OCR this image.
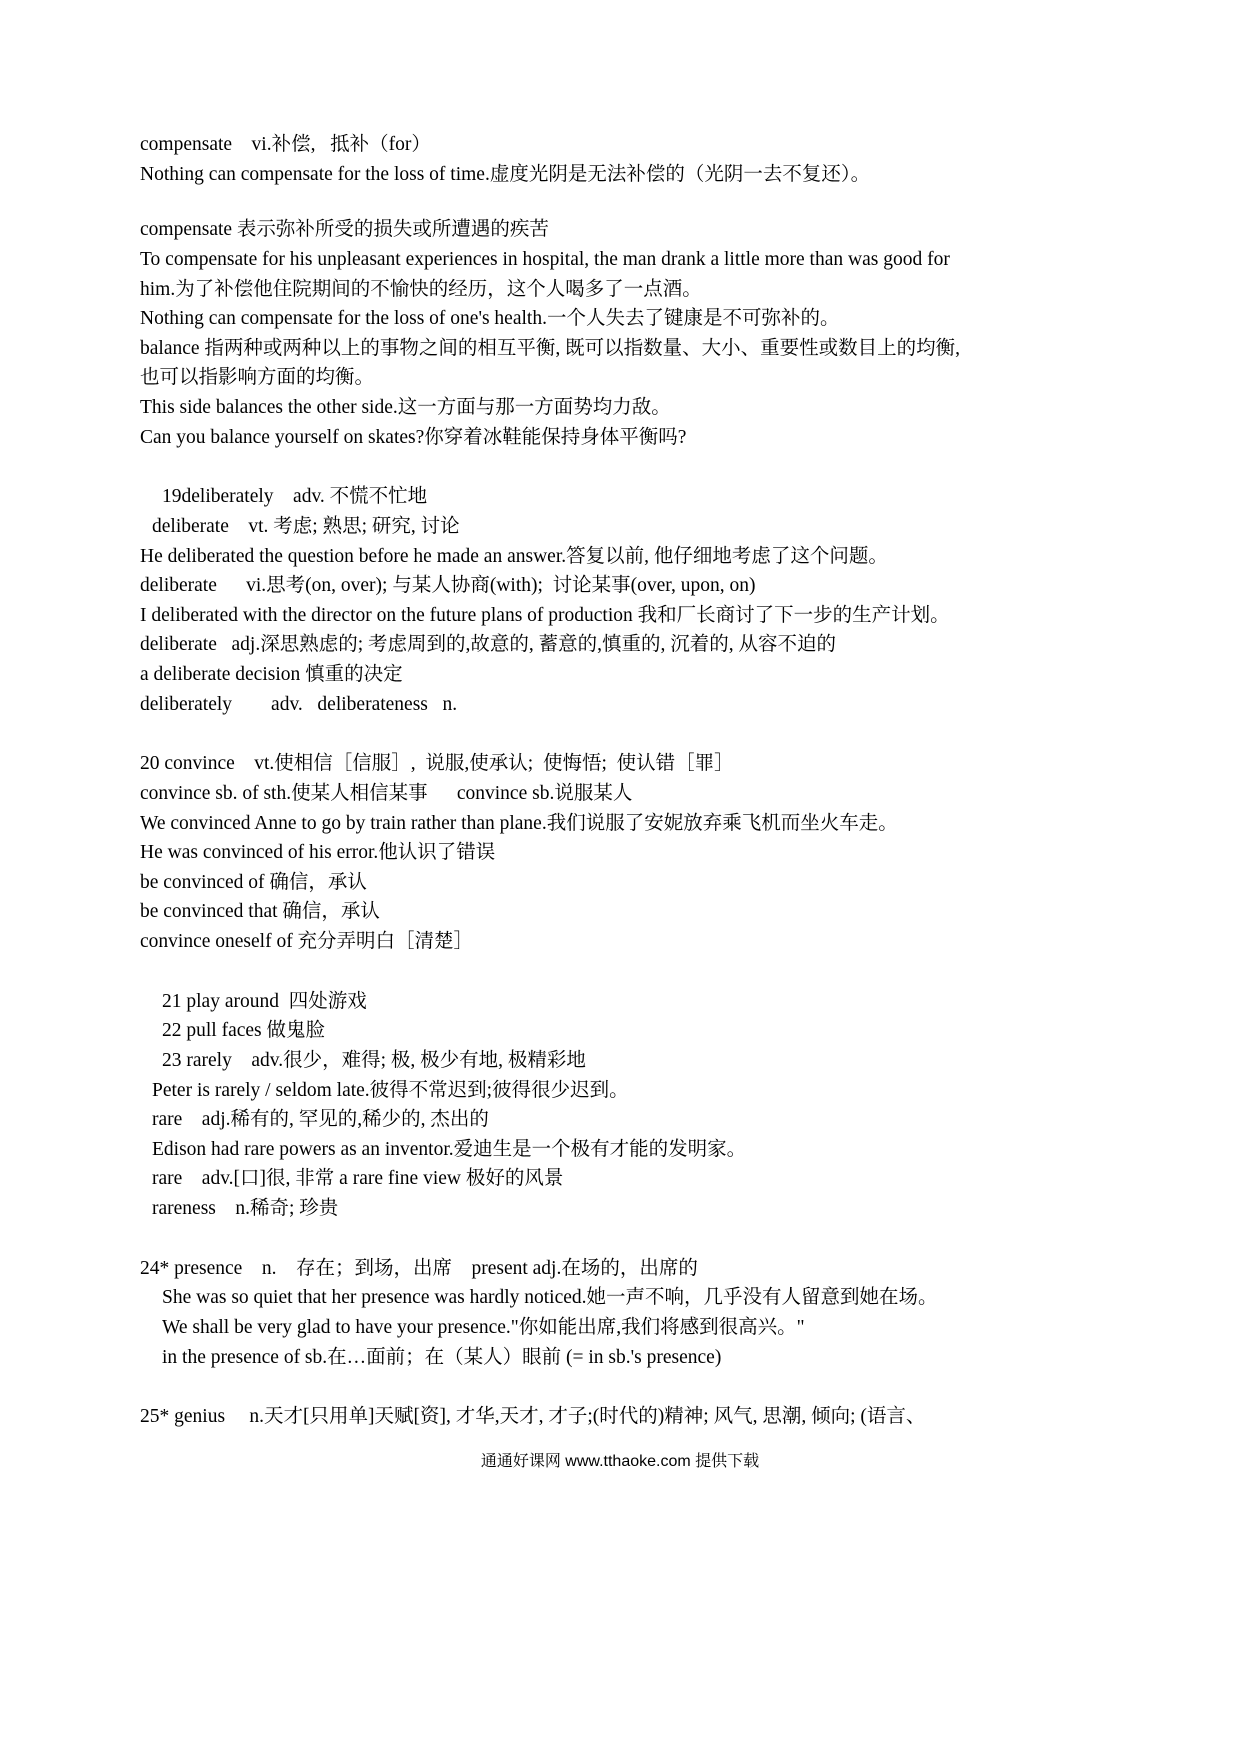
compensate    vi.补偿,   抵补（for）

Nothing can compensate for the loss of time.虚度光阴是无法补偿的（光阴一去不复还）。

compensate 表示弥补所受的损失或所遭遇的疾苦

To compensate for his unpleasant experiences in hospital, the man drank a little more than was good for

him.为了补偿他住院期间的不愉快的经历，这个人喝多了一点酒。

Nothing can compensate for the loss of one's health.一个人失去了键康是不可弥补的。

balance 指两种或两种以上的事物之间的相互平衡, 既可以指数量、大小、重要性或数目上的均衡,

也可以指影响方面的均衡。

This side balances the other side.这一方面与那一方面势均力敌。

Can you balance yourself on skates?你穿着冰鞋能保持身体平衡吗?

19deliberately    adv. 不慌不忙地

deliberate    vt. 考虑; 熟思; 研究, 讨论

He deliberated the question before he made an answer.答复以前, 他仔细地考虑了这个问题。

deliberate      vi.思考(on, over); 与某人协商(with);  讨论某事(over, upon, on)

I deliberated with the director on the future plans of production 我和厂长商讨了下一步的生产计划。

deliberate   adj.深思熟虑的; 考虑周到的,故意的, 蓄意的,慎重的, 沉着的, 从容不迫的

a deliberate decision 慎重的决定

deliberately        adv.   deliberateness   n.

20 convince    vt.使相信［信服］,  说服,使承认;  使悔悟;  使认错［罪］

convince sb. of sth.使某人相信某事      convince sb.说服某人

We convinced Anne to go by train rather than plane.我们说服了安妮放弃乘飞机而坐火车走。

He was convinced of his error.他认识了错误

be convinced of 确信，承认

be convinced that 确信，承认

convince oneself of 充分弄明白［清楚］

21 play around  四处游戏

22 pull faces 做鬼脸

23 rarely    adv.很少，难得; 极, 极少有地, 极精彩地

Peter is rarely / seldom late.彼得不常迟到;彼得很少迟到。

rare    adj.稀有的, 罕见的,稀少的, 杰出的

Edison had rare powers as an inventor.爱迪生是一个极有才能的发明家。

rare    adv.[口]很, 非常 a rare fine view 极好的风景

rareness    n.稀奇; 珍贵

24* presence    n.    存在；到场，出席    present adj.在场的，出席的

She was so quiet that her presence was hardly noticed.她一声不响，几乎没有人留意到她在场。

We shall be very glad to have your presence."你如能出席,我们将感到很高兴。"

in the presence of sb.在…面前；在（某人）眼前 (= in sb.'s presence)

25* genius     n.天才[只用单]天赋[资], 才华,天才, 才子;(时代的)精神; 风气, 思潮, 倾向; (语言、

通通好课网 www.tthaoke.com 提供下载
